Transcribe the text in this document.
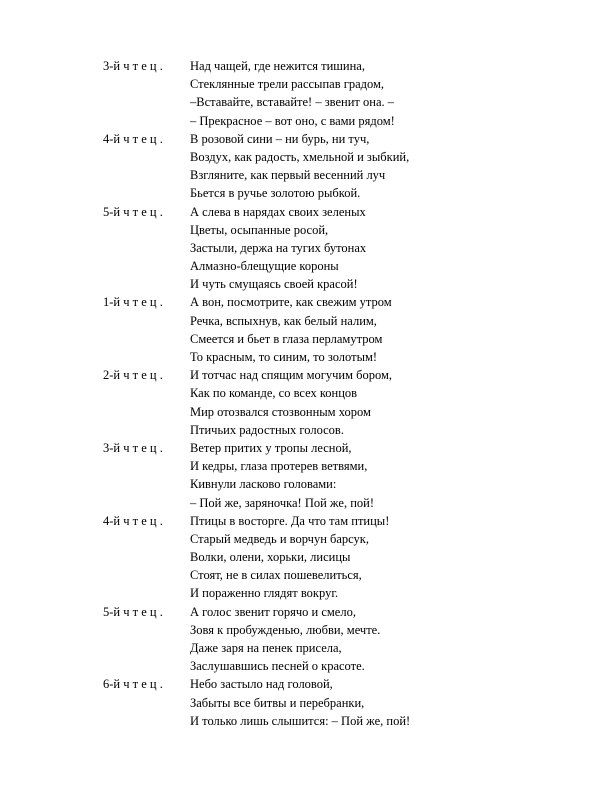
3-й ч т е ц .	Над чащей, где нежится тишина,
Стеклянные трели рассыпав градом,
–Вставайте, вставайте! – звенит она. –
– Прекрасное – вот оно, с вами рядом!
4-й ч т е ц .	В розовой сини – ни бурь, ни туч,
Воздух, как радость, хмельной и зыбкий,
Взгляните, как первый весенний луч
Бьется в ручье золотою рыбкой.
5-й ч т е ц .	А слева в нарядах своих зеленых
Цветы, осыпанные росой,
Застыли, держа на тугих бутонах
Алмазно-блещущие короны
И чуть смущаясь своей красой!
1-й ч т е ц .	А вон, посмотрите, как свежим утром
Речка, вспыхнув, как белый налим,
Смеется и бьет в глаза перламутром
То красным, то синим, то золотым!
2-й ч т е ц .	И тотчас над спящим могучим бором,
Как по команде, со всех концов
Мир отозвался стозвонным хором
Птичьих радостных голосов.
3-й ч т е ц .	Ветер притих у тропы лесной,
И кедры, глаза протерев ветвями,
Кивнули ласково головами:
– Пой же, заряночка! Пой же, пой!
4-й ч т е ц .	Птицы в восторге. Да что там птицы!
Старый медведь и ворчун барсук,
Волки, олени, хорьки, лисицы
Стоят, не в силах пошевелиться,
И пораженно глядят вокруг.
5-й ч т е ц .	А голос звенит горячо и смело,
Зовя к пробужденью, любви, мечте.
Даже заря на пенек присела,
Заслушавшись песней о красоте.
6-й ч т е ц .	Небо застыло над головой,
Забыты все битвы и перебранки,
И только лишь слышится: – Пой же, пой!
